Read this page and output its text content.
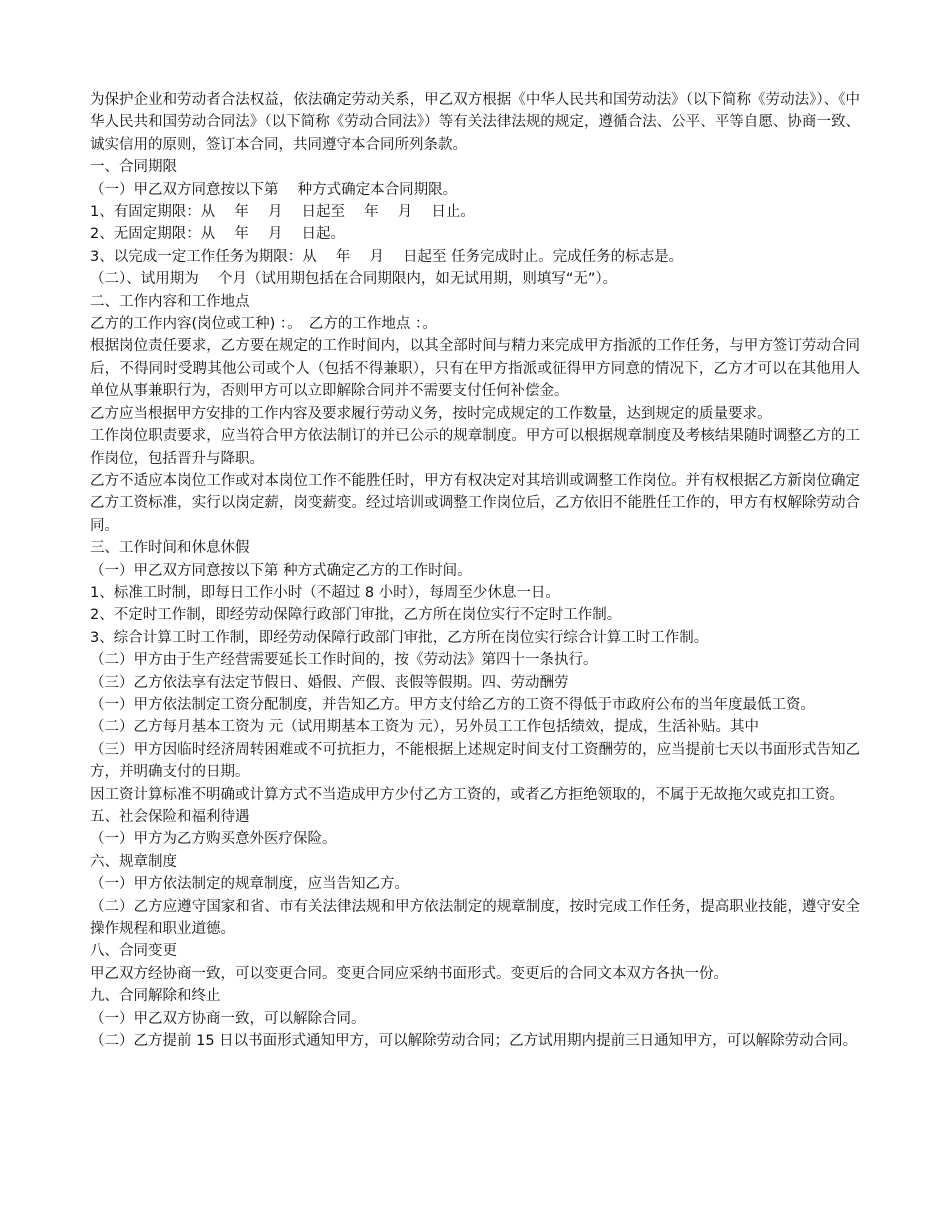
为保护企业和劳动者合法权益，依法确定劳动关系，甲乙双方根据《中华人民共和国劳动法》（以下简称《劳动法》）、《中华人民共和国劳动合同法》（以下简称《劳动合同法》）等有关法律法规的规定，遵循合法、公平、平等自愿、协商一致、诚实信用的原则，签订本合同，共同遵守本合同所列条款。

一、合同期限

（一）甲乙双方同意按以下第　 种方式确定本合同期限。

1、有固定期限：从　 年　 月　 日起至　 年　 月　 日止。

2、无固定期限：从　 年　 月　 日起。

3、以完成一定工作任务为期限：从　 年　 月　 日起至 任务完成时止。完成任务的标志是。

（二）、试用期为　 个月（试用期包括在合同期限内，如无试用期，则填写“无”）。

二、工作内容和工作地点

乙方的工作内容(岗位或工种) ：。　乙方的工作地点 ：。

根据岗位责任要求，乙方要在规定的工作时间内，以其全部时间与精力来完成甲方指派的工作任务，与甲方签订劳动合同后，不得同时受聘其他公司或个人（包括不得兼职），只有在甲方指派或征得甲方同意的情况下，乙方才可以在其他用人单位从事兼职行为，否则甲方可以立即解除合同并不需要支付任何补偿金。

乙方应当根据甲方安排的工作内容及要求履行劳动义务，按时完成规定的工作数量，达到规定的质量要求。

工作岗位职责要求，应当符合甲方依法制订的并已公示的规章制度。甲方可以根据规章制度及考核结果随时调整乙方的工作岗位，包括晋升与降职。

乙方不适应本岗位工作或对本岗位工作不能胜任时，甲方有权决定对其培训或调整工作岗位。并有权根据乙方新岗位确定乙方工资标准，实行以岗定薪，岗变薪变。经过培训或调整工作岗位后，乙方依旧不能胜任工作的，甲方有权解除劳动合同。

三、工作时间和休息休假

（一）甲乙双方同意按以下第 种方式确定乙方的工作时间。

1、标准工时制，即每日工作小时（不超过 8 小时），每周至少休息一日。

2、不定时工作制，即经劳动保障行政部门审批，乙方所在岗位实行不定时工作制。

3、综合计算工时工作制，即经劳动保障行政部门审批，乙方所在岗位实行综合计算工时工作制。

（二）甲方由于生产经营需要延长工作时间的，按《劳动法》第四十一条执行。

（三）乙方依法享有法定节假日、婚假、产假、丧假等假期。四、劳动酬劳

（一）甲方依法制定工资分配制度，并告知乙方。甲方支付给乙方的工资不得低于市政府公布的当年度最低工资。

（二）乙方每月基本工资为 元（试用期基本工资为 元），另外员工工作包括绩效，提成，生活补贴。其中

（三）甲方因临时经济周转困难或不可抗拒力，不能根据上述规定时间支付工资酬劳的，应当提前七天以书面形式告知乙方，并明确支付的日期。

因工资计算标准不明确或计算方式不当造成甲方少付乙方工资的，或者乙方拒绝领取的，不属于无故拖欠或克扣工资。

五、社会保险和福利待遇

（一）甲方为乙方购买意外医疗保险。

六、规章制度

（一）甲方依法制定的规章制度，应当告知乙方。

（二）乙方应遵守国家和省、市有关法律法规和甲方依法制定的规章制度，按时完成工作任务，提高职业技能，遵守安全操作规程和职业道德。

八、合同变更

甲乙双方经协商一致，可以变更合同。变更合同应采纳书面形式。变更后的合同文本双方各执一份。

九、合同解除和终止

（一）甲乙双方协商一致，可以解除合同。

（二）乙方提前 15 日以书面形式通知甲方，可以解除劳动合同；乙方试用期内提前三日通知甲方，可以解除劳动合同。
